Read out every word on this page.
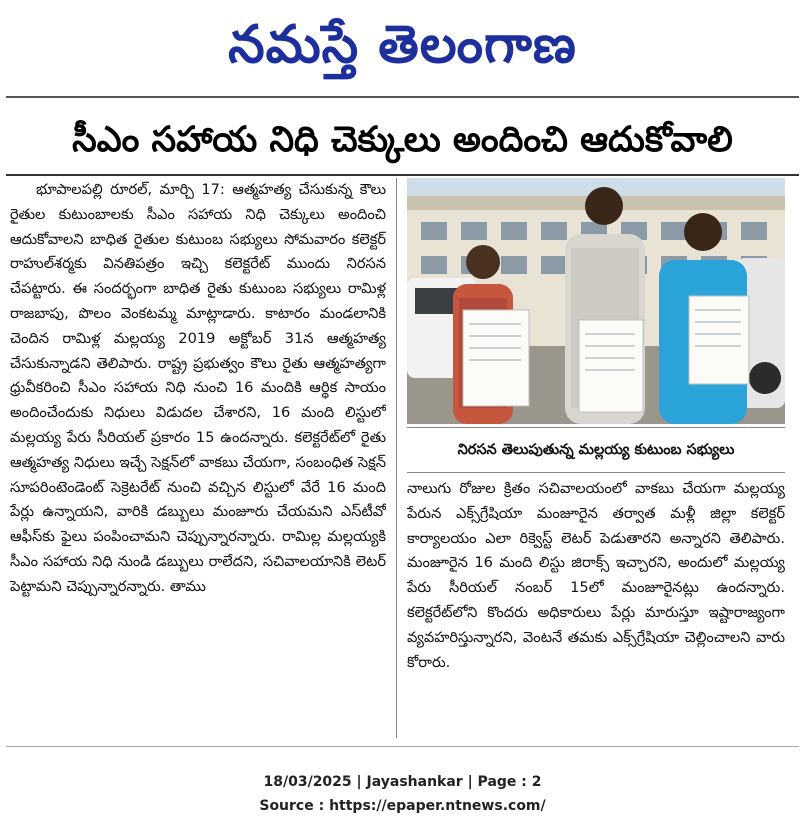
నమస్తే తెలంగాణ
సీఎం సహాయ నిధి చెక్కులు అందించి ఆదుకోవాలి

భూపాలపల్లి రూరల్, మార్చి 17: ఆత్మహత్య చేసుకున్న కౌలు రైతుల కుటుంబాలకు సీఎం సహాయ నిధి చెక్కులు అందించి ఆదుకోవాలని బాధిత రైతుల కుటుంబ సభ్యులు సోమవారం కలెక్టర్ రాహుల్‌శర్మకు వినతిపత్రం ఇచ్చి కలెక్టరేట్ ముందు నిరసన చేపట్టారు. ఈ సందర్భంగా బాధిత రైతు కుటుంబ సభ్యులు రామిళ్ల రాజబాపు, పొలం వెంకటమ్మ మాట్లాడారు. కాటారం మండలానికి చెందిన రామిళ్ల మల్లయ్య 2019 అక్టోబర్ 31న ఆత్మహత్య చేసుకున్నాడని తెలిపారు. రాష్ట్ర ప్రభుత్వం కౌలు రైతు ఆత్మహత్యగా ధ్రువీకరించి సీఎం సహాయ నిధి నుంచి 16 మందికి ఆర్థిక సాయం అందించేందుకు నిధులు విడుదల చేశారని, 16 మంది లిస్టులో మల్లయ్య పేరు సీరియల్ ప్రకారం 15 ఉందన్నారు. కలెక్టరేట్‌లో రైతు ఆత్మహత్య నిధులు ఇచ్చే సెక్షన్‌లో వాకబు చేయగా, సంబంధిత సెక్షన్ సూపరింటెండెంట్ సెక్రెటరేట్ నుంచి వచ్చిన లిస్టులో వేరే 16 మంది పేర్లు ఉన్నాయని, వారికి డబ్బులు మంజూరు చేయమని ఎస్‌టీవో ఆఫీస్‌కు ఫైలు పంపించామని చెప్పున్నారన్నారు. రామిల్ల మల్లయ్యకి సీఎం సహాయ నిధి నుండి డబ్బులు రాలేదని, సచివాలయానికి లెటర్ పెట్టామని చెప్పున్నారన్నారు. తాము

నిరసన తెలుపుతున్న మల్లయ్య కుటుంబ సభ్యులు

నాలుగు రోజుల క్రితం సచివాలయంలో వాకబు చేయగా మల్లయ్య పేరున ఎక్స్‌గ్రేషియా మంజూరైన తర్వాత మళ్లీ జిల్లా కలెక్టర్ కార్యాలయం ఎలా రిక్వెస్ట్ లెటర్ పెడుతారని అన్నారని తెలిపారు. మంజూరైన 16 మంది లిస్టు జిరాక్స్ ఇచ్చారని, అందులో మల్లయ్య పేరు సీరియల్ నంబర్ 15లో మంజూరైనట్లు ఉందన్నారు. కలెక్టరేట్‌లోని కొందరు అధికారులు పేర్లు మారుస్తూ ఇష్టారాజ్యంగా వ్యవహరిస్తున్నారని, వెంటనే తమకు ఎక్స్‌గ్రేషియా చెల్లించాలని వారు కోరారు.

18/03/2025 | Jayashankar | Page : 2
Source : https://epaper.ntnews.com/
